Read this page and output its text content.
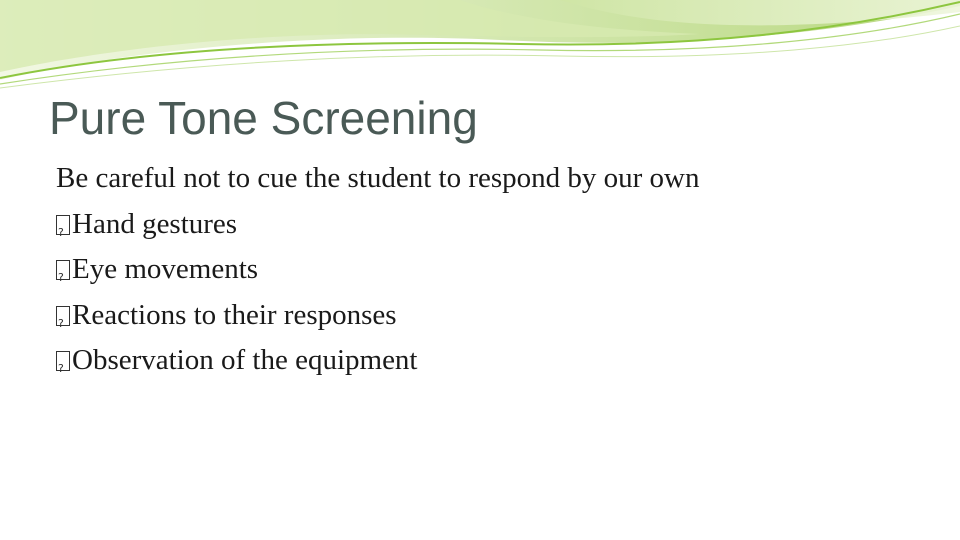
Pure Tone Screening
Be careful not to cue the student to respond by our own
?Hand gestures
?Eye movements
?Reactions to their responses
?Observation of the equipment
